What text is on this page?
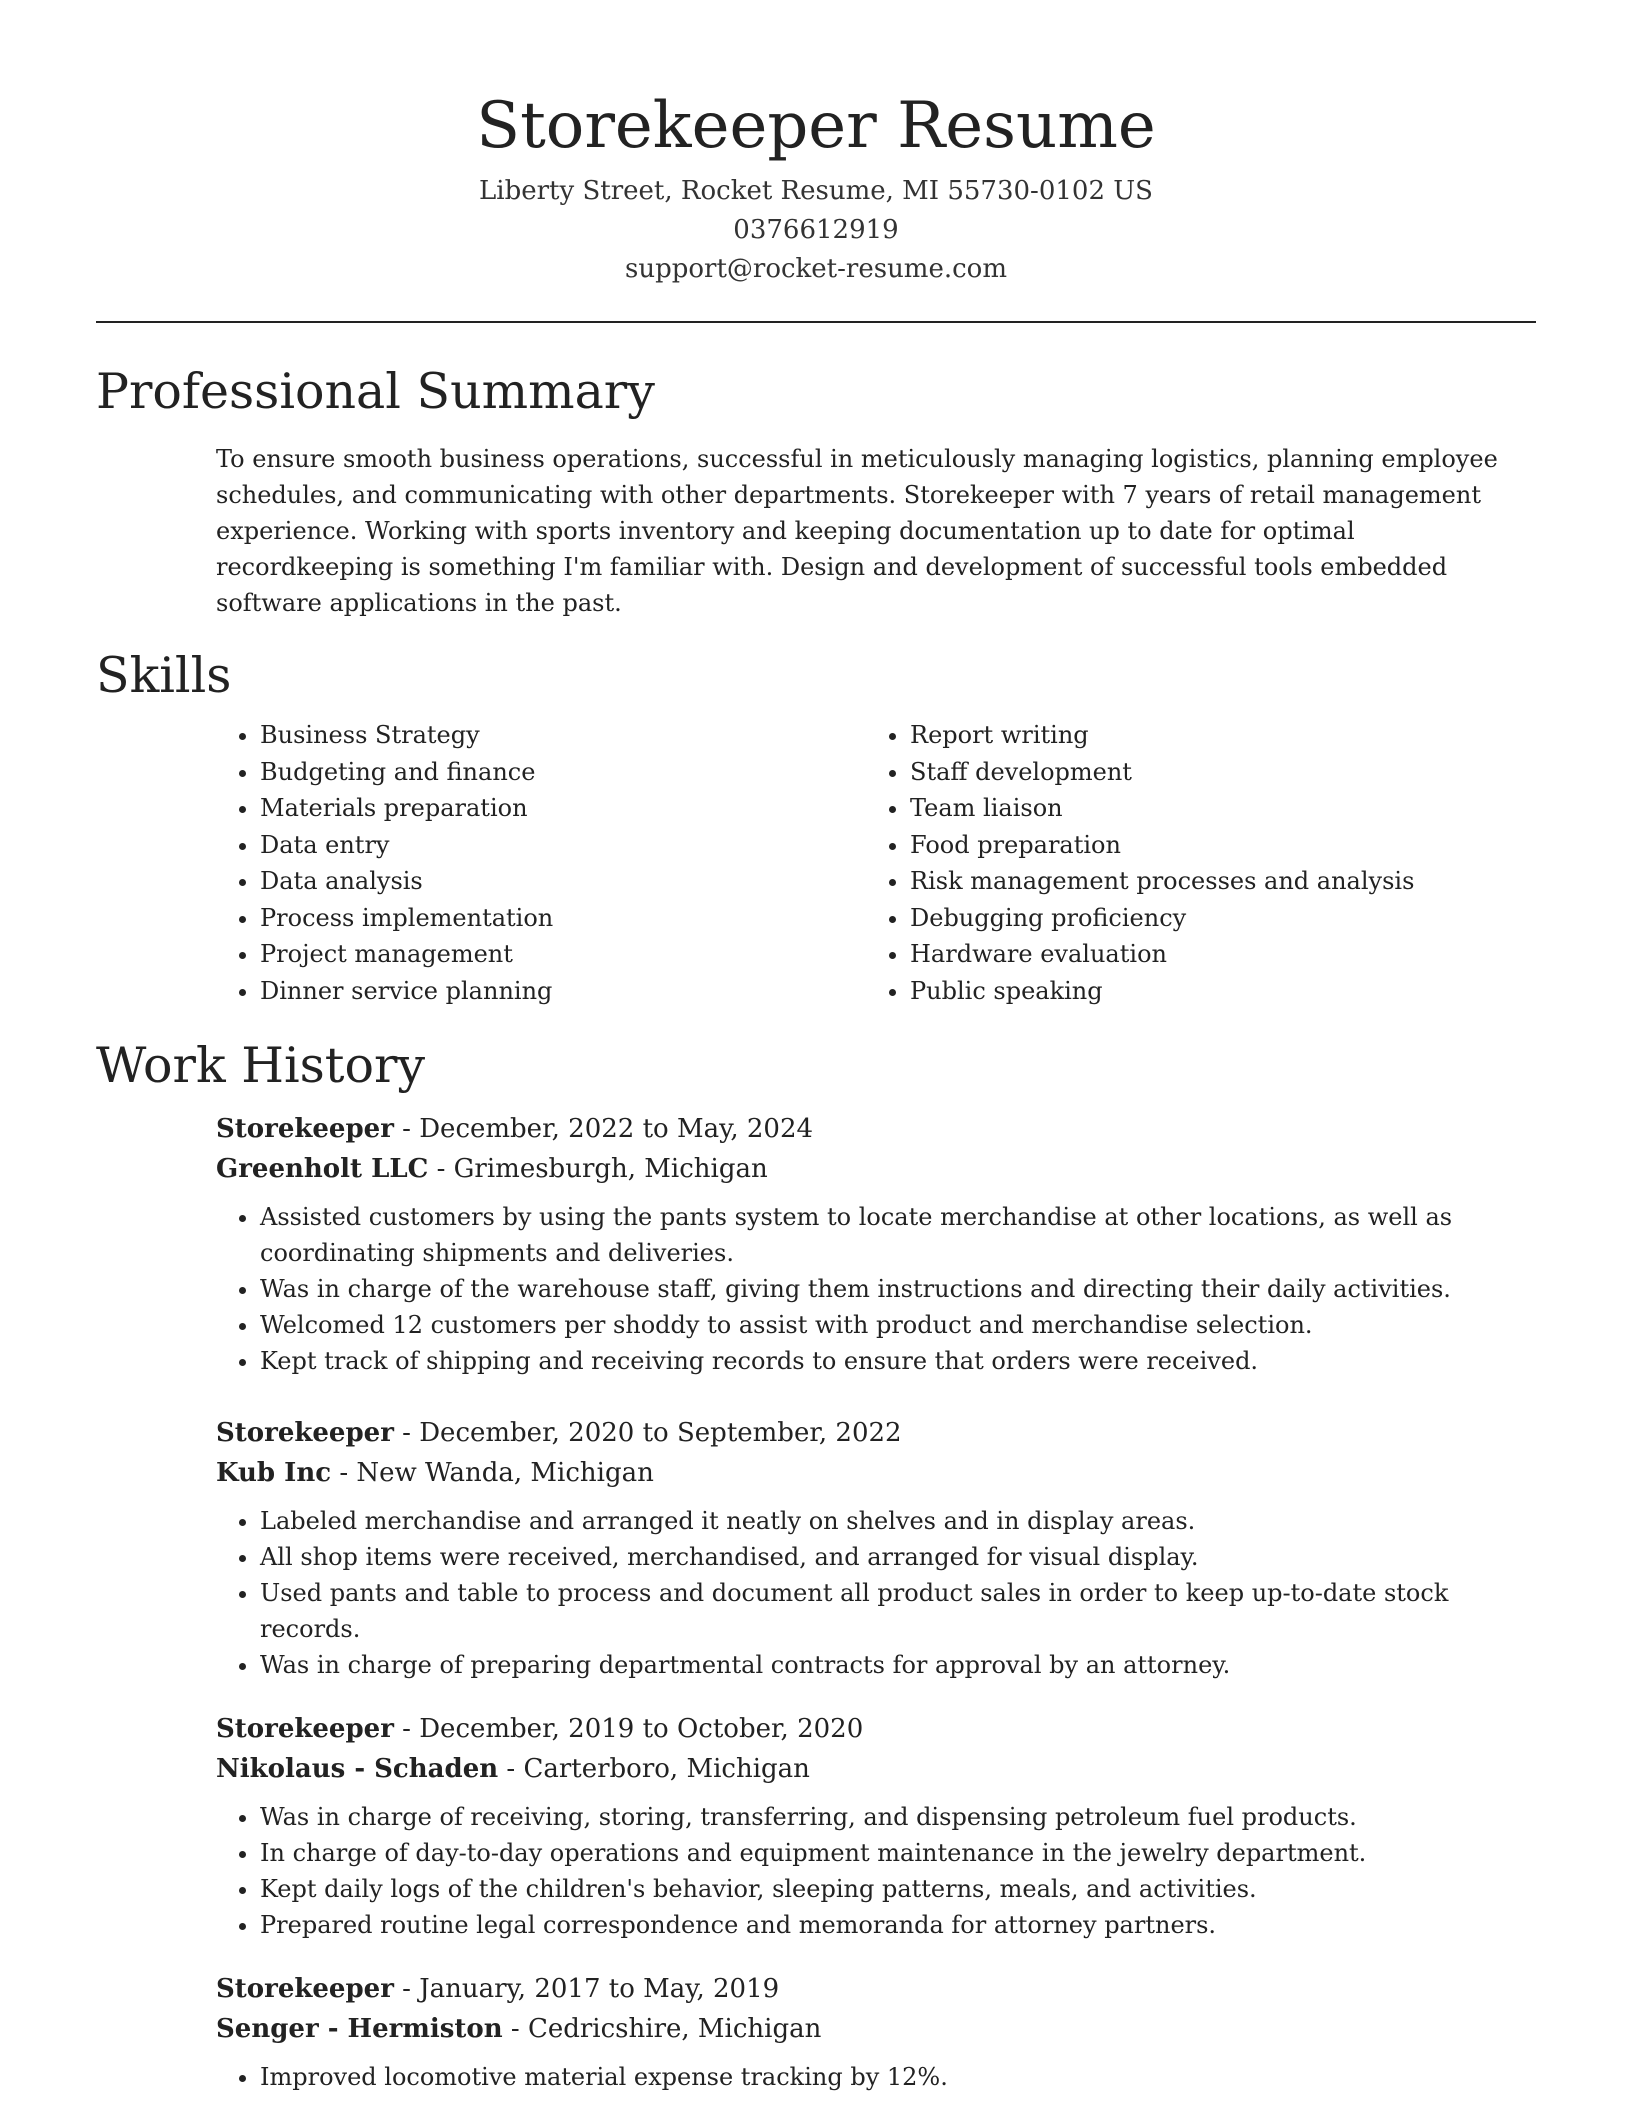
Storekeeper Resume
Liberty Street, Rocket Resume, MI 55730-0102 US
0376612919
support@rocket-resume.com
Professional Summary

To ensure smooth business operations, successful in meticulously managing logistics, planning employee schedules, and communicating with other departments. Storekeeper with 7 years of retail management experience. Working with sports inventory and keeping documentation up to date for optimal recordkeeping is something I'm familiar with. Design and development of successful tools embedded software applications in the past.

Skills
• Business Strategy
• Budgeting and finance
• Materials preparation
• Data entry
• Data analysis
• Process implementation
• Project management
• Dinner service planning
• Report writing
• Staff development
• Team liaison
• Food preparation
• Risk management processes and analysis
• Debugging proficiency
• Hardware evaluation
• Public speaking
Work History
Storekeeper - December, 2022 to May, 2024
Greenholt LLC - Grimesburgh, Michigan
• Assisted customers by using the pants system to locate merchandise at other locations, as well as coordinating shipments and deliveries.
• Was in charge of the warehouse staff, giving them instructions and directing their daily activities.
• Welcomed 12 customers per shoddy to assist with product and merchandise selection.
• Kept track of shipping and receiving records to ensure that orders were received.
Storekeeper - December, 2020 to September, 2022
Kub Inc - New Wanda, Michigan
• Labeled merchandise and arranged it neatly on shelves and in display areas.
• All shop items were received, merchandised, and arranged for visual display.
• Used pants and table to process and document all product sales in order to keep up-to-date stock records.
• Was in charge of preparing departmental contracts for approval by an attorney.
Storekeeper - December, 2019 to October, 2020
Nikolaus - Schaden - Carterboro, Michigan
• Was in charge of receiving, storing, transferring, and dispensing petroleum fuel products.
• In charge of day-to-day operations and equipment maintenance in the jewelry department.
• Kept daily logs of the children's behavior, sleeping patterns, meals, and activities.
• Prepared routine legal correspondence and memoranda for attorney partners.
Storekeeper - January, 2017 to May, 2019
Senger - Hermiston - Cedricshire, Michigan
• Improved locomotive material expense tracking by 12%.
